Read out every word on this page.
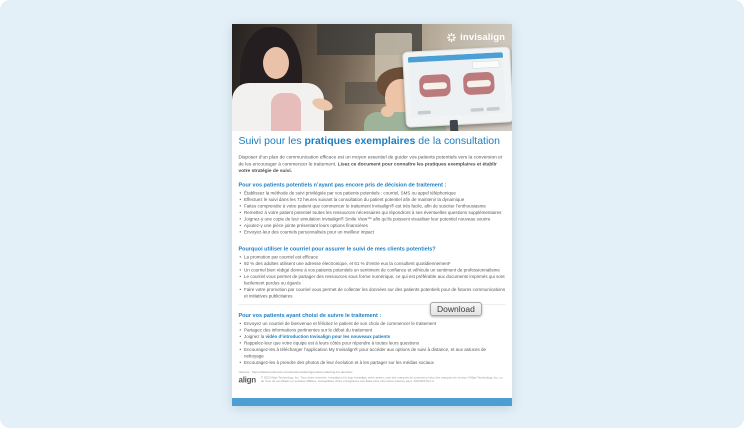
invisalign
Suivi pour les pratiques exemplaires de la consultation

Disposer d’un plan de communication efficace est un moyen essentiel de guider vos patients potentiels vers la conversion et de les encourager à commencer le traitement. Lisez ce document pour connaître les pratiques exemplaires et établir votre stratégie de suivi.

Pour vos patients potentiels n’ayant pas encore pris de décision de traitement :
• Établissez la méthode de suivi privilégiée par vos patients potentiels : courriel, SMS ou appel téléphonique
• Effectuez le suivi dans les 72 heures suivant la consultation du patient potentiel afin de maintenir la dynamique
• Faites comprendre à votre patient que commencer le traitement Invisalign® est très facile, afin de susciter l’enthousiasme
• Remettez à votre patient potentiel toutes les ressources nécessaires qui répondront à ses éventuelles questions supplémentaires
• Joignez-y une copie de leur simulation Invisalign® Smile View™ afin qu’ils puissent visualiser leur potentiel nouveau sourire
• Ajoutez-y une pièce jointe présentant leurs options financières
• Envoyez-leur des courriels personnalisés pour un meilleur impact
Pourquoi utiliser le courriel pour assurer le suivi de mes clients potentiels?
• La promotion par courriel est efficace
• 92 % des adultes utilisent une adresse électronique, et 61 % d’entre eux la consultent quotidiennement¹
• Un courriel bien rédigé donne à vos patients potentiels un sentiment de confiance et véhicule un sentiment de professionnalisme
• Le courriel vous permet de partager des ressources sous forme numérique, ce qui est préférable aux documents imprimés qui sont facilement perdus ou égarés
• Faire votre promotion par courriel vous permet de collecter les données sur des patients potentiels pour de futures communications et initiatives publicitaires
Pour vos patients ayant choisi de suivre le traitement :
• Envoyez un courriel de bienvenue et félicitez le patient de son choix de commencer le traitement
• Partagez des informations pertinentes sur le début du traitement
• Joignez la vidéo d’introduction Invisalign pour les nouveaux patients
• Rappelez-leur que votre équipe est à leurs côtés pour répondre à toutes leurs questions
• Encouragez-les à télécharger l’application My Invisalign® pour accéder aux options de suivi à distance, et aux astuces de nettoyage
• Encouragez-les à prendre des photos de leur évolution et à les partager sur les médias sociaux
¹Source : https://deliveredsocial.com/dental-marketing/email-marketing-for-dentists/
align © 2023 Align Technology, Inc. Tous droits réservés. Invisalign et le logo Invisalign, entre autres, sont des marques de commerce et/ou des marques de service d’Align Technology, Inc. ou de l’une de ses filiales ou sociétés affiliées, susceptibles d’être enregistrées aux États-Unis et/ou dans d’autres pays. A004463 Rev A
Download
